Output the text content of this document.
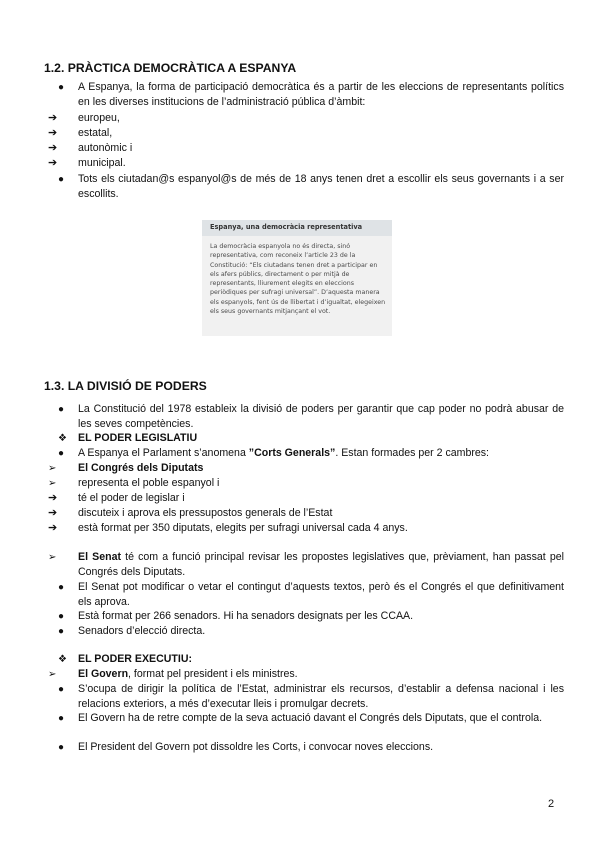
1.2. PRÀCTICA DEMOCRÀTICA A ESPANYA
●	A Espanya, la forma de participació democràtica és a partir de les eleccions de representants polítics en les diverses institucions de l’administració pública d’àmbit:
➔	europeu,
➔	estatal,
➔	autonòmic i
➔	municipal.
●	Tots els ciutadan@s espanyol@s de més de 18 anys tenen dret a escollir els seus governants i a ser escollits.
Espanya, una democràcia representativa
La democràcia espanyola no és directa, sinó representativa, com reconeix l’article 23 de la Constitució: “Els ciutadans tenen dret a participar en els afers públics, directament o per mitjà de representants, lliurement elegits en eleccions periòdiques per sufragi universal”. D’aquesta manera els espanyols, fent ús de llibertat i d’igualtat, elegeixen els seus governants mitjançant el vot.
1.3. LA DIVISIÓ DE PODERS
●	La Constitució del 1978 estableix la divisió de poders per garantir que cap poder no podrà abusar de les seves competències.
❖	EL PODER LEGISLATIU
●	A Espanya el Parlament s’anomena ”Corts Generals”. Estan formades per 2 cambres:
➢	El Congrés dels Diputats
➢	representa el poble espanyol i
➔	té el poder de legislar i
➔	discuteix i aprova els pressupostos generals de l’Estat
➔	està format per 350 diputats, elegits per sufragi universal cada 4 anys.
➢	El Senat té com a funció principal revisar les propostes legislatives que, prèviament, han passat pel Congrés dels Diputats.
●	El Senat pot modificar o vetar el contingut d’aquests textos, però és el Congrés el que definitivament els aprova.
●	Està format per 266 senadors. Hi ha senadors designats per les CCAA.
●	Senadors d’elecció directa.
❖	EL PODER EXECUTIU:
➢	El Govern, format pel president i els ministres.
●	S’ocupa de dirigir la política de l’Estat, administrar els recursos, d’establir a defensa nacional i les relacions exteriors, a més d’executar lleis i promulgar decrets.
●	El Govern ha de retre compte de la seva actuació davant el Congrés dels Diputats, que el controla.
●	El President del Govern pot dissoldre les Corts, i convocar noves eleccions.
2
